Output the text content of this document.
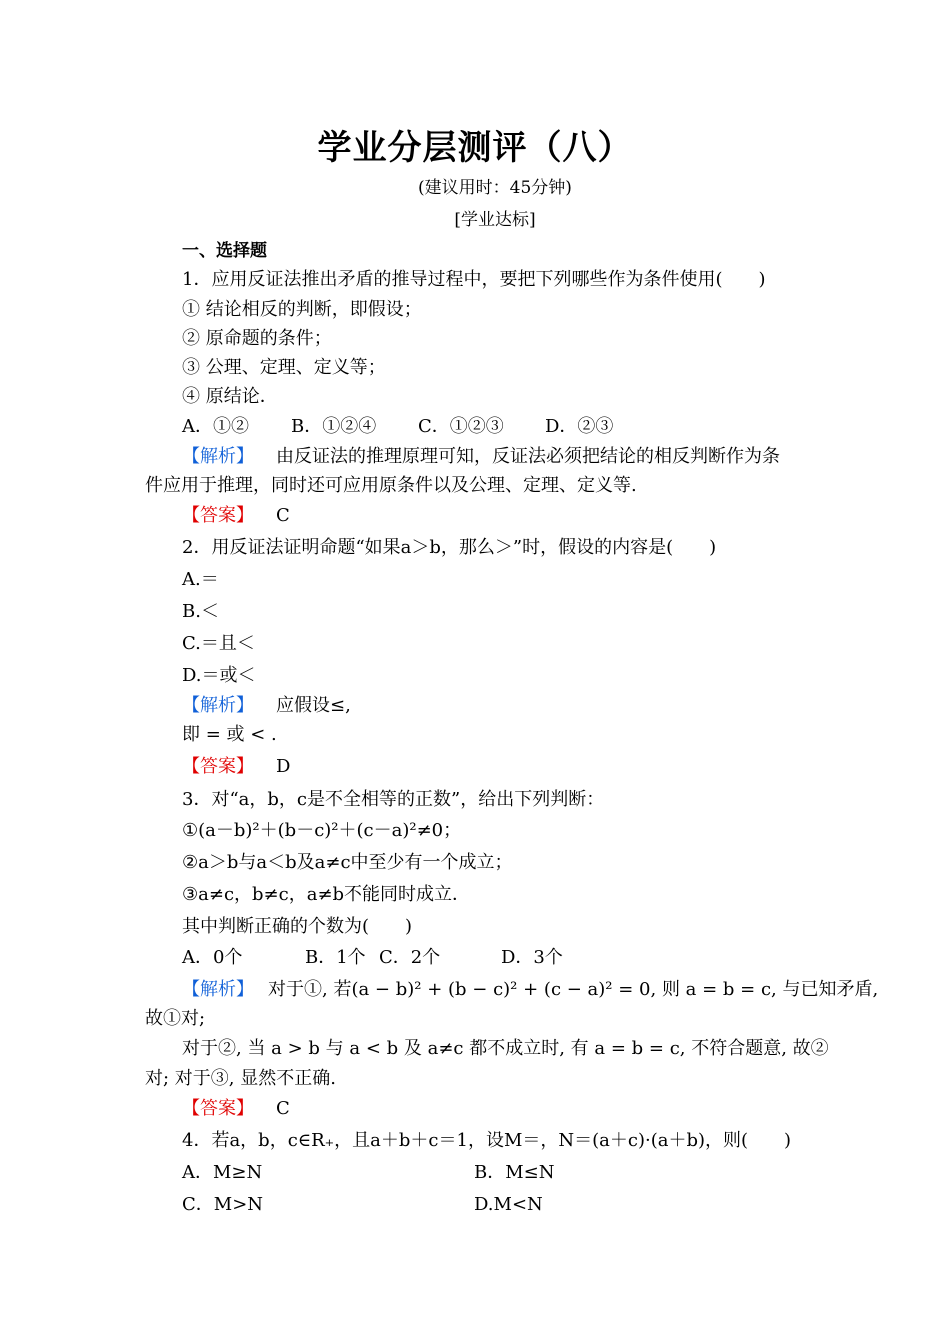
学业分层测评（八）
(建议用时：45分钟)
[学业达标]
一、选择题
1．应用反证法推出矛盾的推导过程中，要把下列哪些作为条件使用(　　)
① 结论相反的判断，即假设；
② 原命题的条件；
③ 公理、定理、定义等；
④ 原结论．
A．①② B．①②④ C．①②③ D．②③
【解析】 由反证法的推理原理可知，反证法必须把结论的相反判断作为条
件应用于推理，同时还可应用原条件以及公理、定理、定义等.
【答案】 C
2．用反证法证明命题“如果a＞b，那么＞”时，假设的内容是(　　)
A.＝
B.＜
C.＝且＜
D.＝或＜
【解析】 应假设≤,
即 = 或 < .
【答案】 D
3．对“a，b，c是不全相等的正数”，给出下列判断：
①(a－b)²＋(b－c)²＋(c－a)²≠0；
②a＞b与a＜b及a≠c中至少有一个成立；
③a≠c，b≠c，a≠b不能同时成立．
其中判断正确的个数为(　　)
A．0个	B．1个 C．2个	D．3个
【解析】 对于①, 若(a − b)² + (b − c)² + (c − a)² = 0, 则 a = b = c, 与已知矛盾,
故①对;
对于②, 当 a > b 与 a < b 及 a≠c 都不成立时, 有 a = b = c, 不符合题意, 故②
对; 对于③, 显然不正确.
【答案】 C
4．若a，b，c∈R₊，且a＋b＋c＝1，设M＝，N＝(a＋c)·(a＋b)，则(　　)
A．M≥N	B．M≤N
C．M>N	D.M<N
